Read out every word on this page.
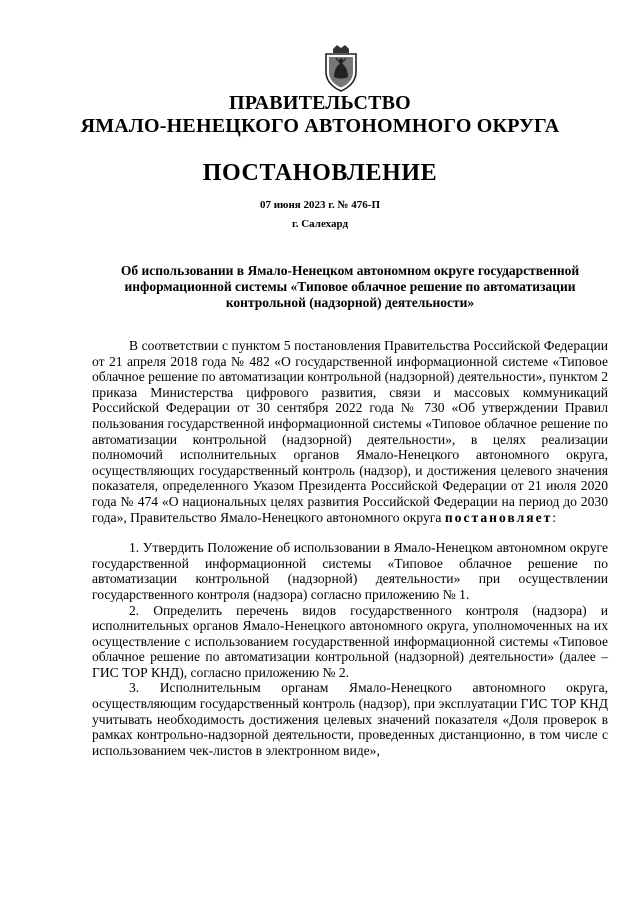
ПРАВИТЕЛЬСТВО
ЯМАЛО-НЕНЕЦКОГО АВТОНОМНОГО ОКРУГА
ПОСТАНОВЛЕНИЕ
07 июня 2023 г. № 476-П
г. Салехард
Об использовании в Ямало-Ненецком автономном округе государственной информационной системы «Типовое облачное решение по автоматизации контрольной (надзорной) деятельности»

В соответствии с пунктом 5 постановления Правительства Российской Федерации от 21 апреля 2018 года № 482 «О государственной информационной системе «Типовое облачное решение по автоматизации контрольной (надзорной) деятельности», пунктом 2 приказа Министерства цифрового развития, связи и массовых коммуникаций Российской Федерации от 30 сентября 2022 года № 730 «Об утверждении Правил пользования государственной информационной системы «Типовое облачное решение по автоматизации контрольной (надзорной) деятельности», в целях реализации полномочий исполнительных органов Ямало-Ненецкого автономного округа, осуществляющих государственный контроль (надзор), и достижения целевого значения показателя, определенного Указом Президента Российской Федерации от 21 июля 2020 года № 474 «О национальных целях развития Российской Федерации на период до 2030 года», Правительство Ямало-Ненецкого автономного округа постановляет:

1. Утвердить Положение об использовании в Ямало-Ненецком автономном округе государственной информационной системы «Типовое облачное решение по автоматизации контрольной (надзорной) деятельности» при осуществлении государственного контроля (надзора) согласно приложению № 1.

2. Определить перечень видов государственного контроля (надзора) и исполнительных органов Ямало-Ненецкого автономного округа, уполномоченных на их осуществление с использованием государственной информационной системы «Типовое облачное решение по автоматизации контрольной (надзорной) деятельности» (далее – ГИС ТОР КНД), согласно приложению № 2.

3. Исполнительным органам Ямало-Ненецкого автономного округа, осуществляющим государственный контроль (надзор), при эксплуатации ГИС ТОР КНД учитывать необходимость достижения целевых значений показателя «Доля проверок в рамках контрольно-надзорной деятельности, проведенных дистанционно, в том числе с использованием чек-листов в электронном виде»,
